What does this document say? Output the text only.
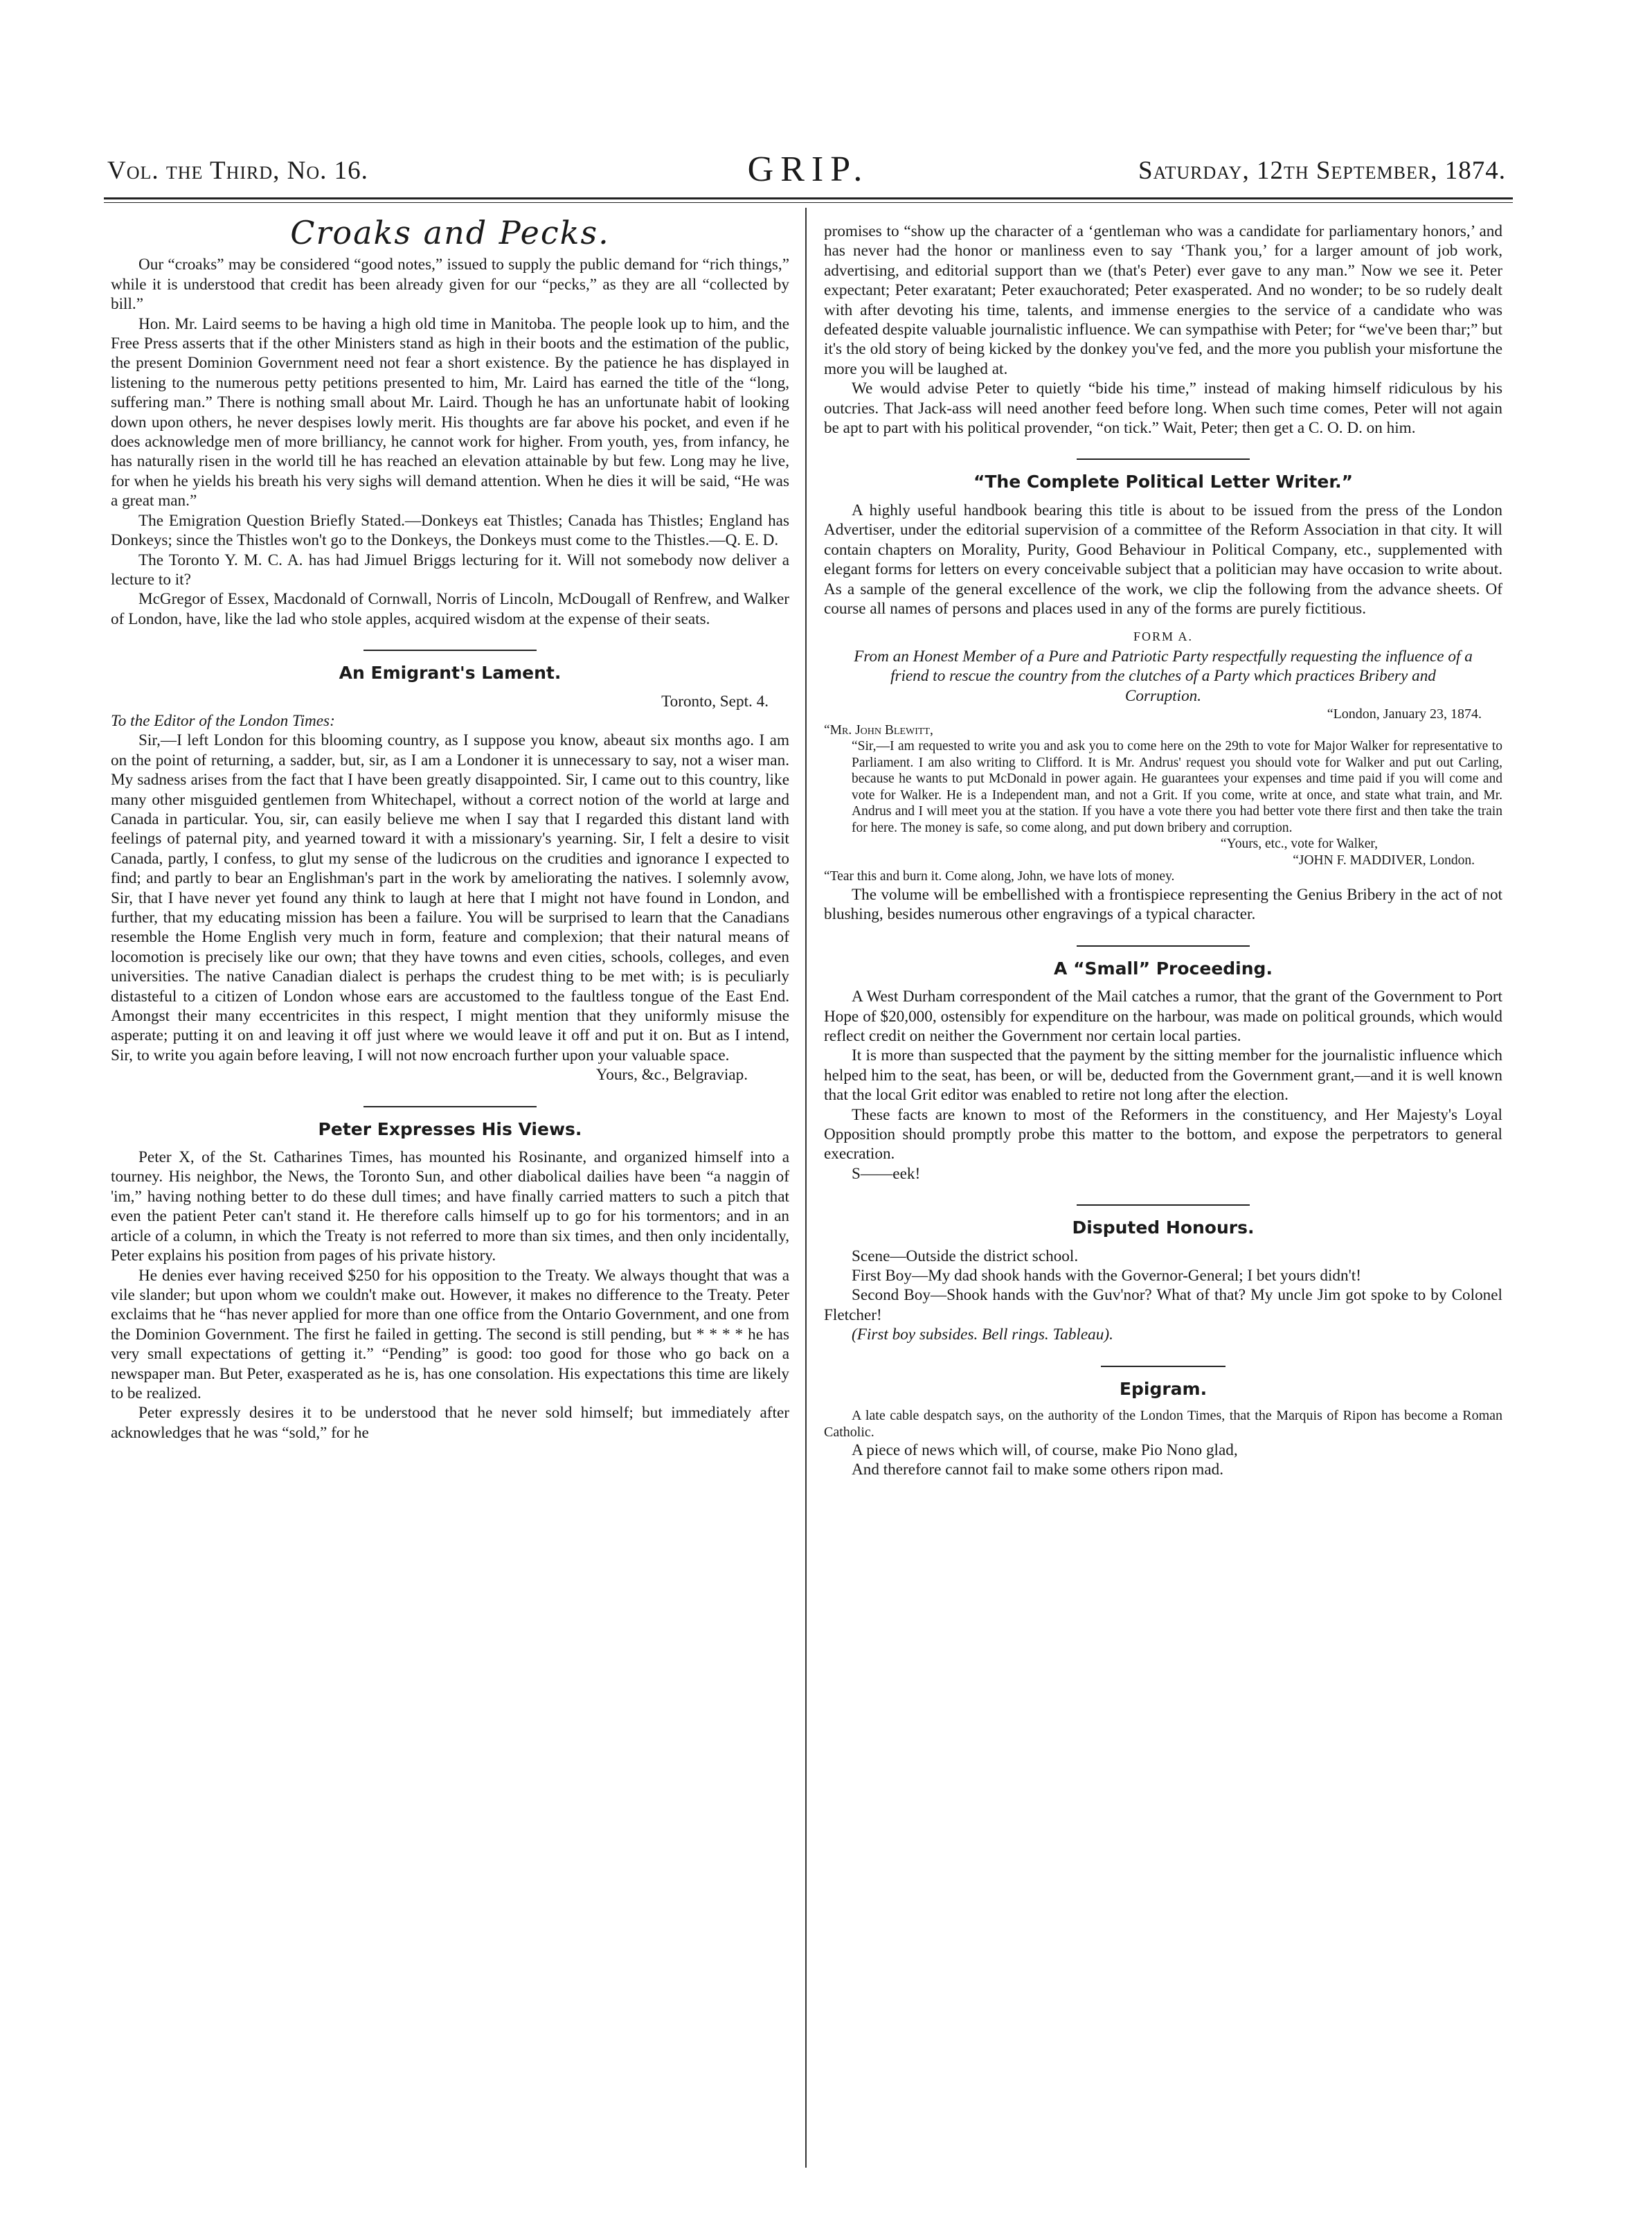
Vol. the Third, No. 16.	GRIP.	Saturday, 12th September, 1874.
Croaks and Pecks.

Our “croaks” may be considered “good notes,” issued to supply the public demand for “rich things,” while it is understood that credit has been already given for our “pecks,” as they are all “collected by bill.”

Hon. Mr. Laird seems to be having a high old time in Manitoba. The people look up to him, and the Free Press asserts that if the other Ministers stand as high in their boots and the estimation of the public, the present Dominion Government need not fear a short existence. By the patience he has displayed in listening to the numerous petty petitions presented to him, Mr. Laird has earned the title of the “long, suffering man.” There is nothing small about Mr. Laird. Though he has an unfortunate habit of looking down upon others, he never despises lowly merit. His thoughts are far above his pocket, and even if he does acknowledge men of more brilliancy, he cannot work for higher. From youth, yes, from infancy, he has naturally risen in the world till he has reached an elevation attainable by but few. Long may he live, for when he yields his breath his very sighs will demand attention. When he dies it will be said, “He was a great man.”

The Emigration Question Briefly Stated.—Donkeys eat Thistles; Canada has Thistles; England has Donkeys; since the Thistles won't go to the Donkeys, the Donkeys must come to the Thistles.—Q. E. D.

The Toronto Y. M. C. A. has had Jimuel Briggs lecturing for it. Will not somebody now deliver a lecture to it?

McGregor of Essex, Macdonald of Cornwall, Norris of Lincoln, McDougall of Renfrew, and Walker of London, have, like the lad who stole apples, acquired wisdom at the expense of their seats.

An Emigrant's Lament.

Toronto, Sept. 4.

To the Editor of the London Times:

Sir,—I left London for this blooming country, as I suppose you know, abeaut six months ago. I am on the point of returning, a sadder, but, sir, as I am a Londoner it is unnecessary to say, not a wiser man. My sadness arises from the fact that I have been greatly disappointed. Sir, I came out to this country, like many other misguided gentlemen from Whitechapel, without a correct notion of the world at large and Canada in particular. You, sir, can easily believe me when I say that I regarded this distant land with feelings of paternal pity, and yearned toward it with a missionary's yearning. Sir, I felt a desire to visit Canada, partly, I confess, to glut my sense of the ludicrous on the crudities and ignorance I expected to find; and partly to bear an Englishman's part in the work by ameliorating the natives. I solemnly avow, Sir, that I have never yet found any think to laugh at here that I might not have found in London, and further, that my educating mission has been a failure. You will be surprised to learn that the Canadians resemble the Home English very much in form, feature and complexion; that their natural means of locomotion is precisely like our own; that they have towns and even cities, schools, colleges, and even universities. The native Canadian dialect is perhaps the crudest thing to be met with; is is peculiarly distasteful to a citizen of London whose ears are accustomed to the faultless tongue of the East End. Amongst their many eccentricites in this respect, I might mention that they uniformly misuse the asperate; putting it on and leaving it off just where we would leave it off and put it on. But as I intend, Sir, to write you again before leaving, I will not now encroach further upon your valuable space.

Yours, &c., Belgraviap.

Peter Expresses His Views.

Peter X, of the St. Catharines Times, has mounted his Rosinante, and organized himself into a tourney. His neighbor, the News, the Toronto Sun, and other diabolical dailies have been “a naggin of 'im,” having nothing better to do these dull times; and have finally carried matters to such a pitch that even the patient Peter can't stand it. He therefore calls himself up to go for his tormentors; and in an article of a column, in which the Treaty is not referred to more than six times, and then only incidentally, Peter explains his position from pages of his private history.

He denies ever having received $250 for his opposition to the Treaty. We always thought that was a vile slander; but upon whom we couldn't make out. However, it makes no difference to the Treaty. Peter exclaims that he “has never applied for more than one office from the Ontario Government, and one from the Dominion Government. The first he failed in getting. The second is still pending, but * * * * he has very small expectations of getting it.” “Pending” is good: too good for those who go back on a newspaper man. But Peter, exasperated as he is, has one consolation. His expectations this time are likely to be realized.

Peter expressly desires it to be understood that he never sold himself; but immediately after acknowledges that he was “sold,” for he

promises to “show up the character of a ‘gentleman who was a candidate for parliamentary honors,’ and has never had the honor or manliness even to say ‘Thank you,’ for a larger amount of job work, advertising, and editorial support than we (that's Peter) ever gave to any man.” Now we see it. Peter expectant; Peter exaratant; Peter exauchorated; Peter exasperated. And no wonder; to be so rudely dealt with after devoting his time, talents, and immense energies to the service of a candidate who was defeated despite valuable journalistic influence. We can sympathise with Peter; for “we've been thar;” but it's the old story of being kicked by the donkey you've fed, and the more you publish your misfortune the more you will be laughed at.

We would advise Peter to quietly “bide his time,” instead of making himself ridiculous by his outcries. That Jack-ass will need another feed before long. When such time comes, Peter will not again be apt to part with his political provender, “on tick.” Wait, Peter; then get a C. O. D. on him.

“The Complete Political Letter Writer.”

A highly useful handbook bearing this title is about to be issued from the press of the London Advertiser, under the editorial supervision of a committee of the Reform Association in that city. It will contain chapters on Morality, Purity, Good Behaviour in Political Company, etc., supplemented with elegant forms for letters on every conceivable subject that a politician may have occasion to write about. As a sample of the general excellence of the work, we clip the following from the advance sheets. Of course all names of persons and places used in any of the forms are purely fictitious.

FORM A.
From an Honest Member of a Pure and Patriotic Party respectfully requesting the influence of a friend to rescue the country from the clutches of a Party which practices Bribery and Corruption.

“London, January 23, 1874.

“Mr. John Blewitt,

“Sir,—I am requested to write you and ask you to come here on the 29th to vote for Major Walker for representative to Parliament. I am also writing to Clifford. It is Mr. Andrus' request you should vote for Walker and put out Carling, because he wants to put McDonald in power again. He guarantees your expenses and time paid if you will come and vote for Walker. He is a Independent man, and not a Grit. If you come, write at once, and state what train, and Mr. Andrus and I will meet you at the station. If you have a vote there you had better vote there first and then take the train for here. The money is safe, so come along, and put down bribery and corruption.

“Yours, etc., vote for Walker,

“JOHN F. MADDIVER, London.

“Tear this and burn it. Come along, John, we have lots of money.

The volume will be embellished with a frontispiece representing the Genius Bribery in the act of not blushing, besides numerous other engravings of a typical character.

A “Small” Proceeding.

A West Durham correspondent of the Mail catches a rumor, that the grant of the Government to Port Hope of $20,000, ostensibly for expenditure on the harbour, was made on political grounds, which would reflect credit on neither the Government nor certain local parties.

It is more than suspected that the payment by the sitting member for the journalistic influence which helped him to the seat, has been, or will be, deducted from the Government grant,—and it is well known that the local Grit editor was enabled to retire not long after the election.

These facts are known to most of the Reformers in the constituency, and Her Majesty's Loyal Opposition should promptly probe this matter to the bottom, and expose the perpetrators to general execration.

S——eek!

Disputed Honours.

Scene—Outside the district school.

First Boy—My dad shook hands with the Governor-General; I bet yours didn't!

Second Boy—Shook hands with the Guv'nor? What of that? My uncle Jim got spoke to by Colonel Fletcher!

(First boy subsides. Bell rings. Tableau).

Epigram.

A late cable despatch says, on the authority of the London Times, that the Marquis of Ripon has become a Roman Catholic.

A piece of news which will, of course, make Pio Nono glad,

And therefore cannot fail to make some others ripon mad.
